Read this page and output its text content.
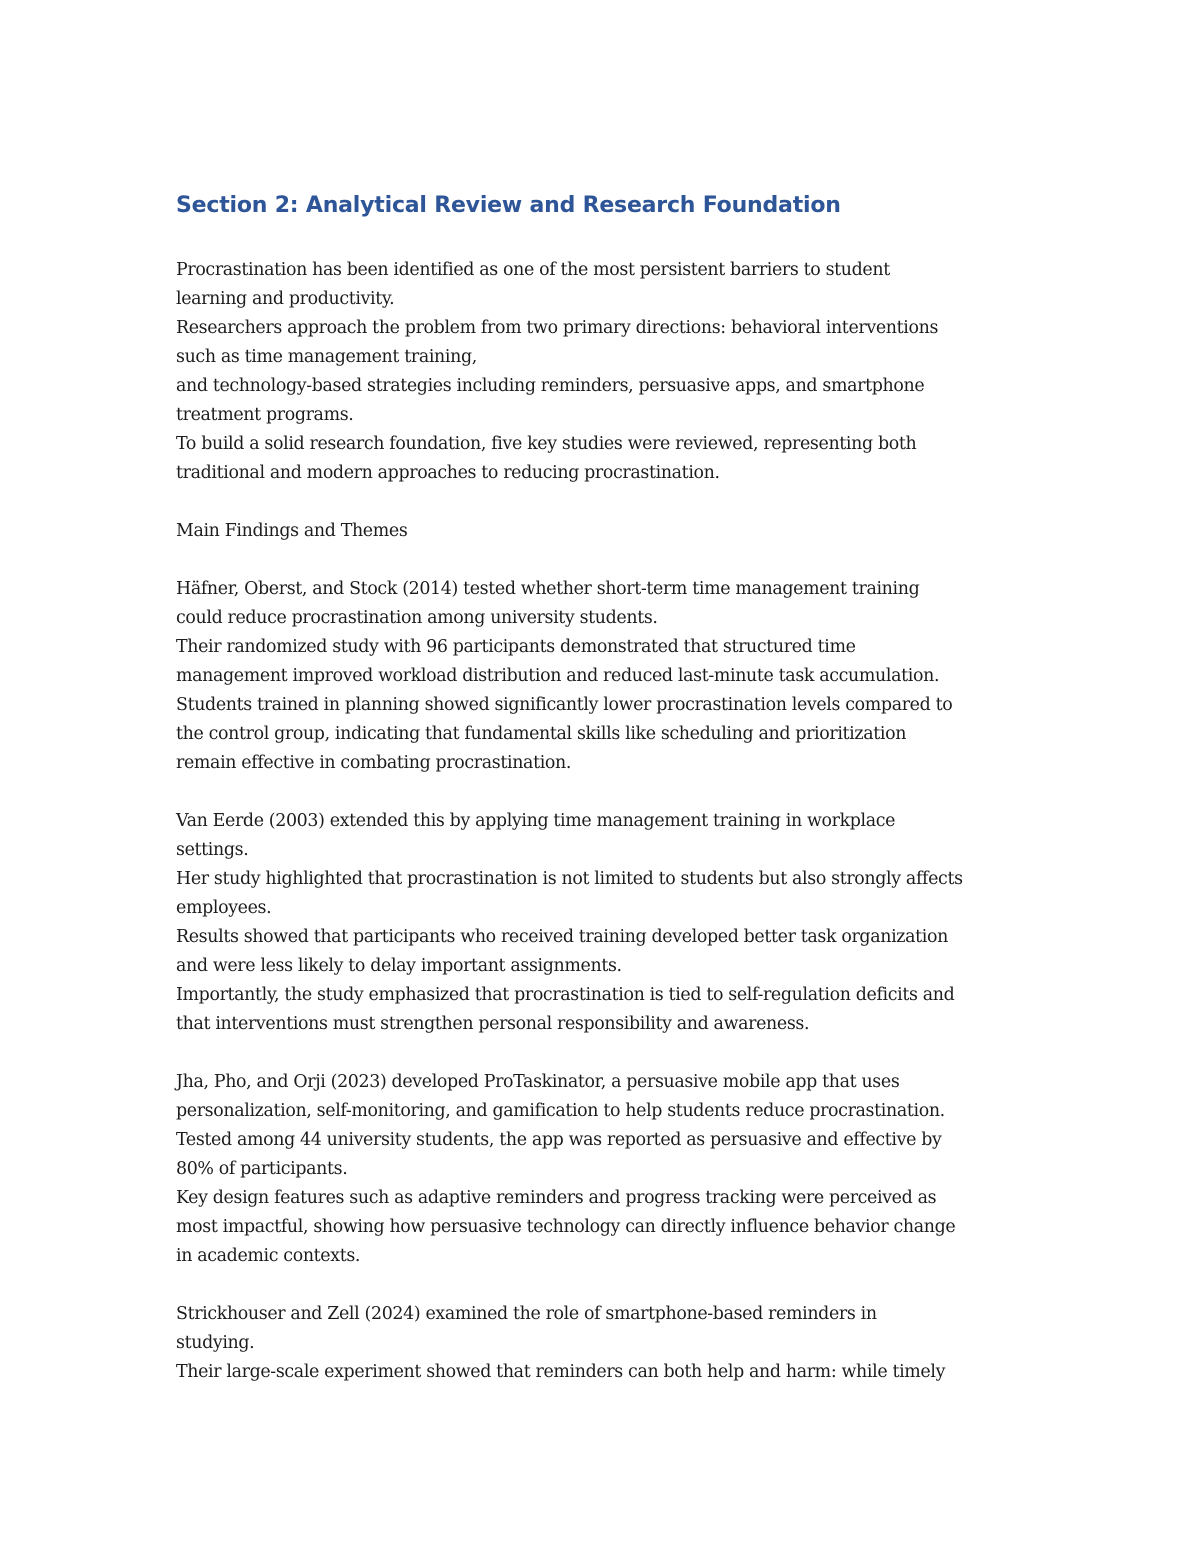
Section 2: Analytical Review and Research Foundation
Procrastination has been identified as one of the most persistent barriers to student
learning and productivity.
Researchers approach the problem from two primary directions: behavioral interventions
such as time management training,
and technology-based strategies including reminders, persuasive apps, and smartphone
treatment programs.
To build a solid research foundation, five key studies were reviewed, representing both
traditional and modern approaches to reducing procrastination.
Main Findings and Themes
Häfner, Oberst, and Stock (2014) tested whether short-term time management training
could reduce procrastination among university students.
Their randomized study with 96 participants demonstrated that structured time
management improved workload distribution and reduced last-minute task accumulation.
Students trained in planning showed significantly lower procrastination levels compared to
the control group, indicating that fundamental skills like scheduling and prioritization
remain effective in combating procrastination.
Van Eerde (2003) extended this by applying time management training in workplace
settings.
Her study highlighted that procrastination is not limited to students but also strongly affects
employees.
Results showed that participants who received training developed better task organization
and were less likely to delay important assignments.
Importantly, the study emphasized that procrastination is tied to self-regulation deficits and
that interventions must strengthen personal responsibility and awareness.
Jha, Pho, and Orji (2023) developed ProTaskinator, a persuasive mobile app that uses
personalization, self-monitoring, and gamification to help students reduce procrastination.
Tested among 44 university students, the app was reported as persuasive and effective by
80% of participants.
Key design features such as adaptive reminders and progress tracking were perceived as
most impactful, showing how persuasive technology can directly influence behavior change
in academic contexts.
Strickhouser and Zell (2024) examined the role of smartphone-based reminders in
studying.
Their large-scale experiment showed that reminders can both help and harm: while timely
